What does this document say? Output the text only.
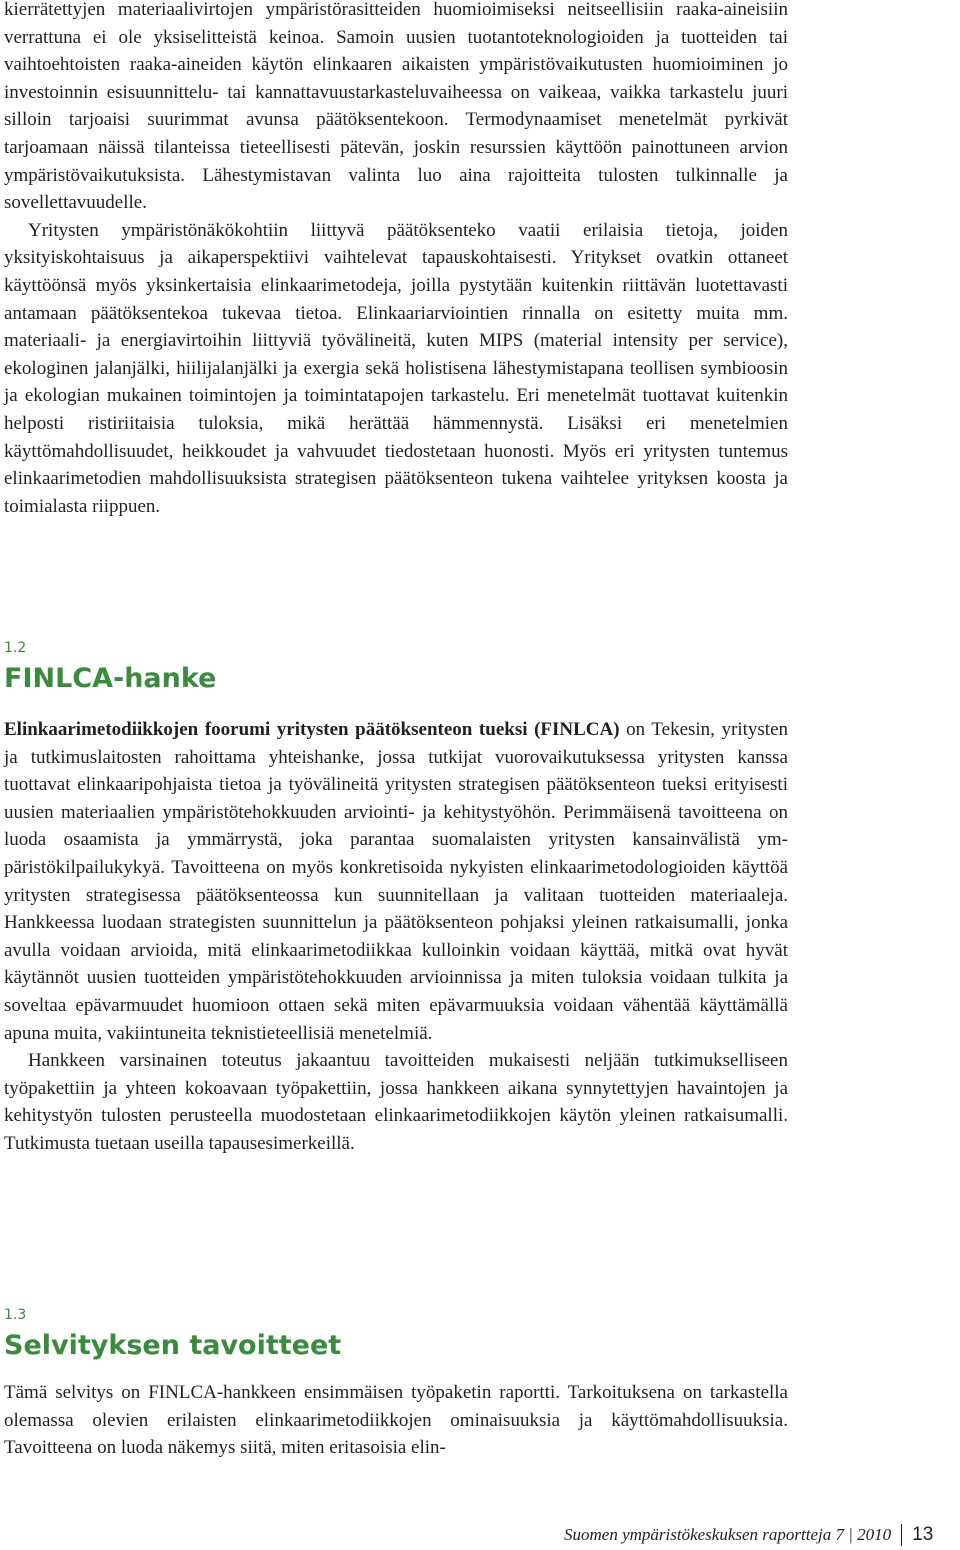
kierrätettyjen materiaalivirtojen ympäristörasitteiden huomioimiseksi neitseellisiin raaka-aineisiin verrattuna ei ole yksiselitteistä keinoa. Samoin uusien tuotantoteknologioiden ja tuotteiden tai vaihtoehtoisten raaka-aineiden käytön elinkaaren aikaisten ympäristövaikutusten huomioiminen jo investoinnin esisuunnittelu- tai kannattavuustarkasteluvaiheessa on vaikeaa, vaikka tarkastelu juuri silloin tarjoaisi suurimmat avunsa päätöksentekoon. Termodynaamiset menetelmät pyrkivät tarjoamaan näissä tilanteissa tieteellisesti pätevän, joskin resurssien käyttöön painottuneen arvion ympäristövaikutuksista. Lähestymistavan valinta luo aina rajoitteita tulosten tulkinnalle ja sovellettavuudelle.

Yritysten ympäristönäkökohtiin liittyvä päätöksenteko vaatii erilaisia tietoja, joiden yksityiskohtaisuus ja aikaperspektiivi vaihtelevat tapauskohtaisesti. Yritykset ovatkin ottaneet käyttöönsä myös yksinkertaisia elinkaarimetodeja, joilla pystytään kuitenkin riittävän luotettavasti antamaan päätöksentekoa tukevaa tietoa. Elinkaariarviointien rinnalla on esitetty muita mm. materiaali- ja energiavirtoihin liittyviä työvälineitä, kuten MIPS (material intensity per service), ekologinen jalanjälki, hiilijalanjälki ja exergia sekä holistisena lähestymistapana teollisen symbioosin ja ekologian mukainen toimintojen ja toimintatapojen tarkastelu. Eri menetelmät tuottavat kuitenkin helposti ristiriitaisia tuloksia, mikä herättää hämmennystä. Lisäksi eri menetelmien käyttömahdollisuudet, heikkoudet ja vahvuudet tiedostetaan huonosti. Myös eri yritysten tuntemus elinkaarimetodien mahdollisuuksista strategisen päätöksenteon tukena vaihtelee yrityksen koosta ja toimialasta riippuen.

1.2

FINLCA-hanke

Elinkaarimetodiikkojen foorumi yritysten päätöksenteon tueksi (FINLCA) on Tekesin, yritysten ja tutkimuslaitosten rahoittama yhteishanke, jossa tutkijat vuorovaikutuksessa yritysten kanssa tuottavat elinkaaripohjaista tietoa ja työvälineitä yritysten strategisen päätöksenteon tueksi erityisesti uusien materiaalien ympäristötehokkuuden arviointi- ja kehitystyöhön. Perimmäisenä tavoitteena on luoda osaamista ja ymmärrystä, joka parantaa suomalaisten yritysten kansainvälistä ympäristökilpailukykyä. Tavoitteena on myös konkretisoida nykyisten elinkaarimetodologioiden käyttöä yritysten strategisessa päätöksenteossa kun suunnitellaan ja valitaan tuotteiden materiaaleja. Hankkeessa luodaan strategisten suunnittelun ja päätöksenteon pohjaksi yleinen ratkaisumalli, jonka avulla voidaan arvioida, mitä elinkaarimetodiikkaa kulloinkin voidaan käyttää, mitkä ovat hyvät käytännöt uusien tuotteiden ympäristötehokkuuden arvioinnissa ja miten tuloksia voidaan tulkita ja soveltaa epävarmuudet huomioon ottaen sekä miten epävarmuuksia voidaan vähentää käyttämällä apuna muita, vakiintuneita teknistieteellisiä menetelmiä.

Hankkeen varsinainen toteutus jakaantuu tavoitteiden mukaisesti neljään tutkimukselliseen työpakettiin ja yhteen kokoavaan työpakettiin, jossa hankkeen aikana synnytettyjen havaintojen ja kehitystyön tulosten perusteella muodostetaan elinkaarimetodiikkojen käytön yleinen ratkaisumalli. Tutkimusta tuetaan useilla tapausesimerkeillä.

1.3

Selvityksen tavoitteet

Tämä selvitys on FINLCA-hankkeen ensimmäisen työpaketin raportti. Tarkoituksena on tarkastella olemassa olevien erilaisten elinkaarimetodiikkojen ominaisuuksia ja käyttömahdollisuuksia. Tavoitteena on luoda näkemys siitä, miten eritasoisia elin-

Suomen ympäristökeskuksen raportteja 7 | 2010 13
